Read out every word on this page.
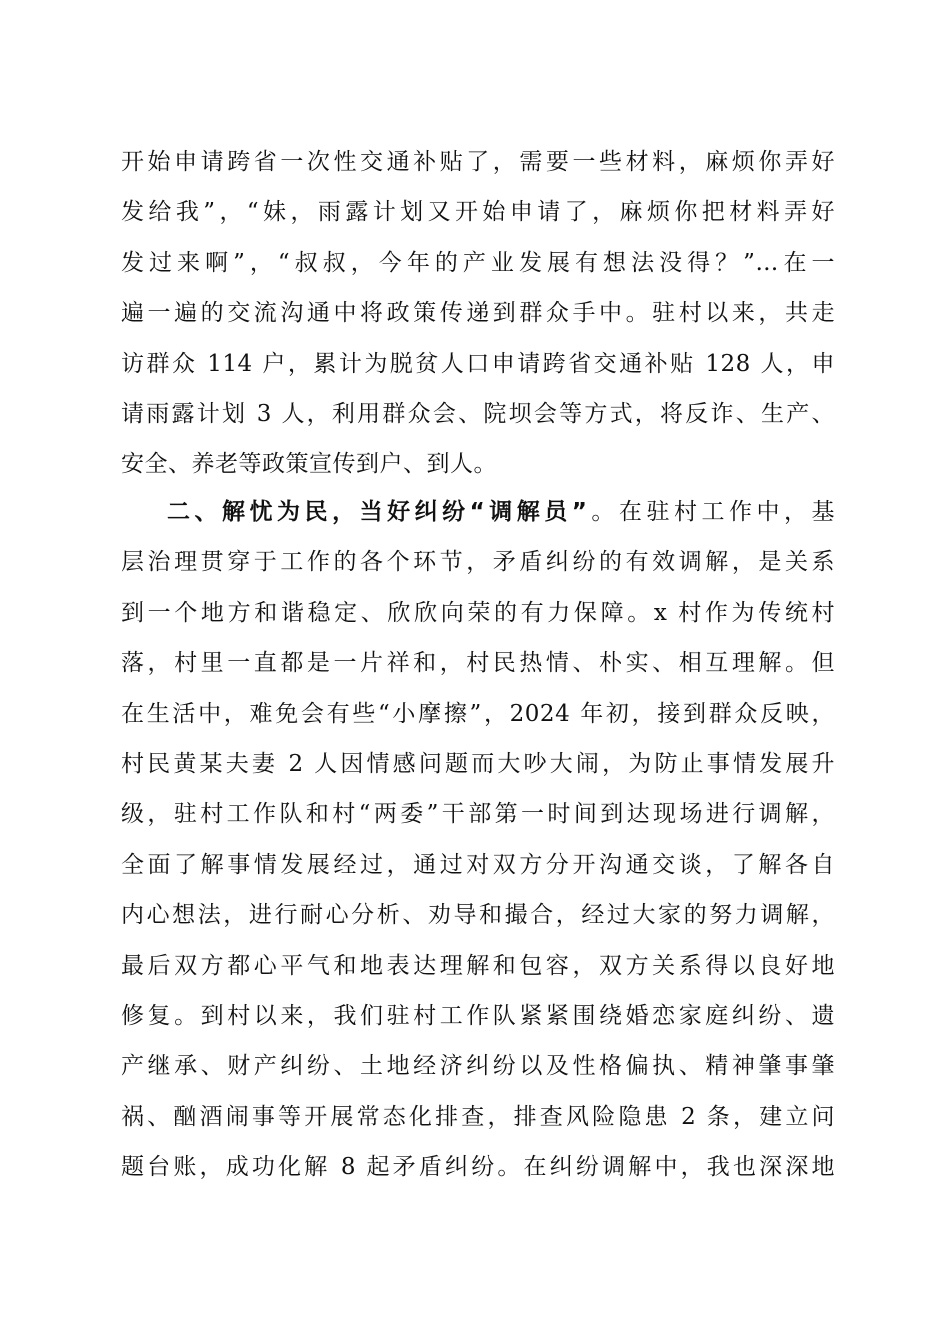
开始申请跨省一次性交通补贴了，需要一些材料，麻烦你弄好
发给我”，“妹，雨露计划又开始申请了，麻烦你把材料弄好
发过来啊”，“叔叔，今年的产业发展有想法没得？”…在一
遍一遍的交流沟通中将政策传递到群众手中。驻村以来，共走
访群众 114 户，累计为脱贫人口申请跨省交通补贴 128 人，申
请雨露计划 3 人，利用群众会、院坝会等方式，将反诈、生产、
安全、养老等政策宣传到户、到人。
二、解忧为民，当好纠纷“调解员”。在驻村工作中，基
层治理贯穿于工作的各个环节，矛盾纠纷的有效调解，是关系
到一个地方和谐稳定、欣欣向荣的有力保障。x 村作为传统村
落，村里一直都是一片祥和，村民热情、朴实、相互理解。但
在生活中，难免会有些“小摩擦”，2024 年初，接到群众反映，
村民黄某夫妻 2 人因情感问题而大吵大闹，为防止事情发展升
级，驻村工作队和村“两委”干部第一时间到达现场进行调解，
全面了解事情发展经过，通过对双方分开沟通交谈，了解各自
内心想法，进行耐心分析、劝导和撮合，经过大家的努力调解，
最后双方都心平气和地表达理解和包容，双方关系得以良好地
修复。到村以来，我们驻村工作队紧紧围绕婚恋家庭纠纷、遗
产继承、财产纠纷、土地经济纠纷以及性格偏执、精神肇事肇
祸、酗酒闹事等开展常态化排查，排查风险隐患 2 条，建立问
题台账，成功化解 8 起矛盾纠纷。在纠纷调解中，我也深深地
